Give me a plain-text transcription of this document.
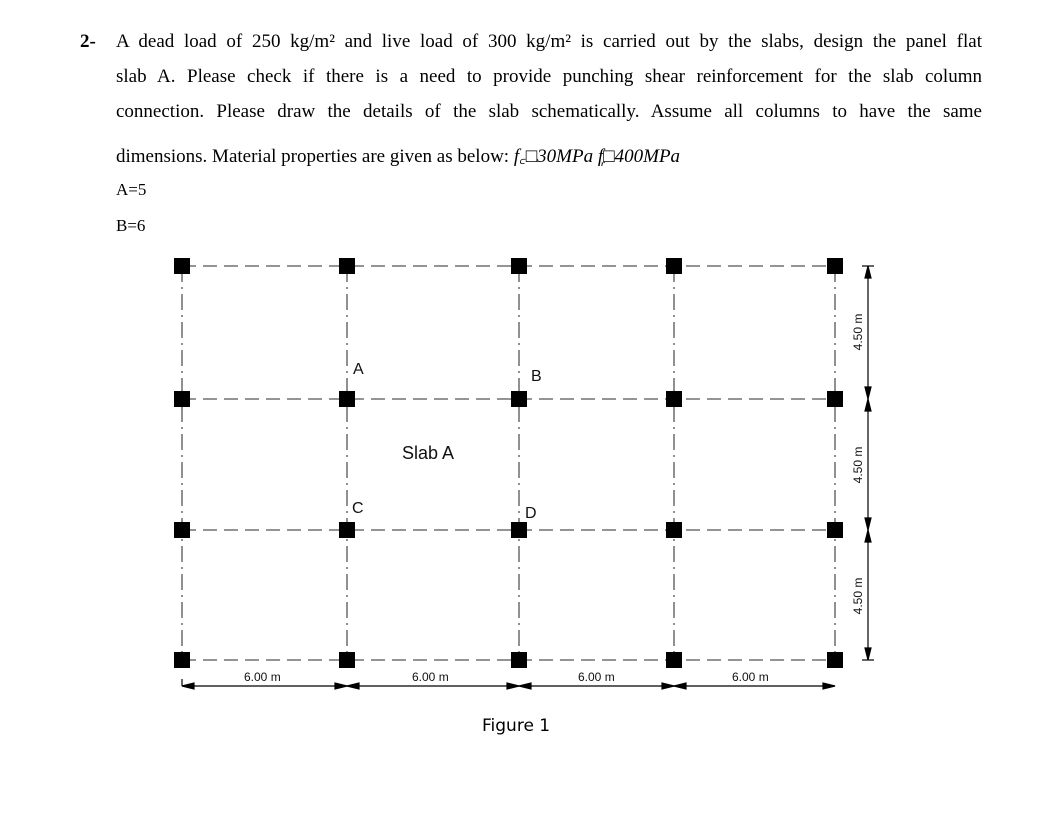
2- A dead load of 250 kg/m² and live load of 300 kg/m² is carried out by the slabs, design the panel flat
slab A. Please check if there is a need to provide punching shear reinforcement for the slab column
connection. Please draw the details of the slab schematically. Assume all columns to have the same
dimensions. Material properties are given as below: f꜀□30MPa f᷊□400MPa
A=5
B=6
A	B
C	D
Slab A
6.00 m	6.00 m	6.00 m	6.00 m
4.50 m
4.50 m
4.50 m
Figure 1
